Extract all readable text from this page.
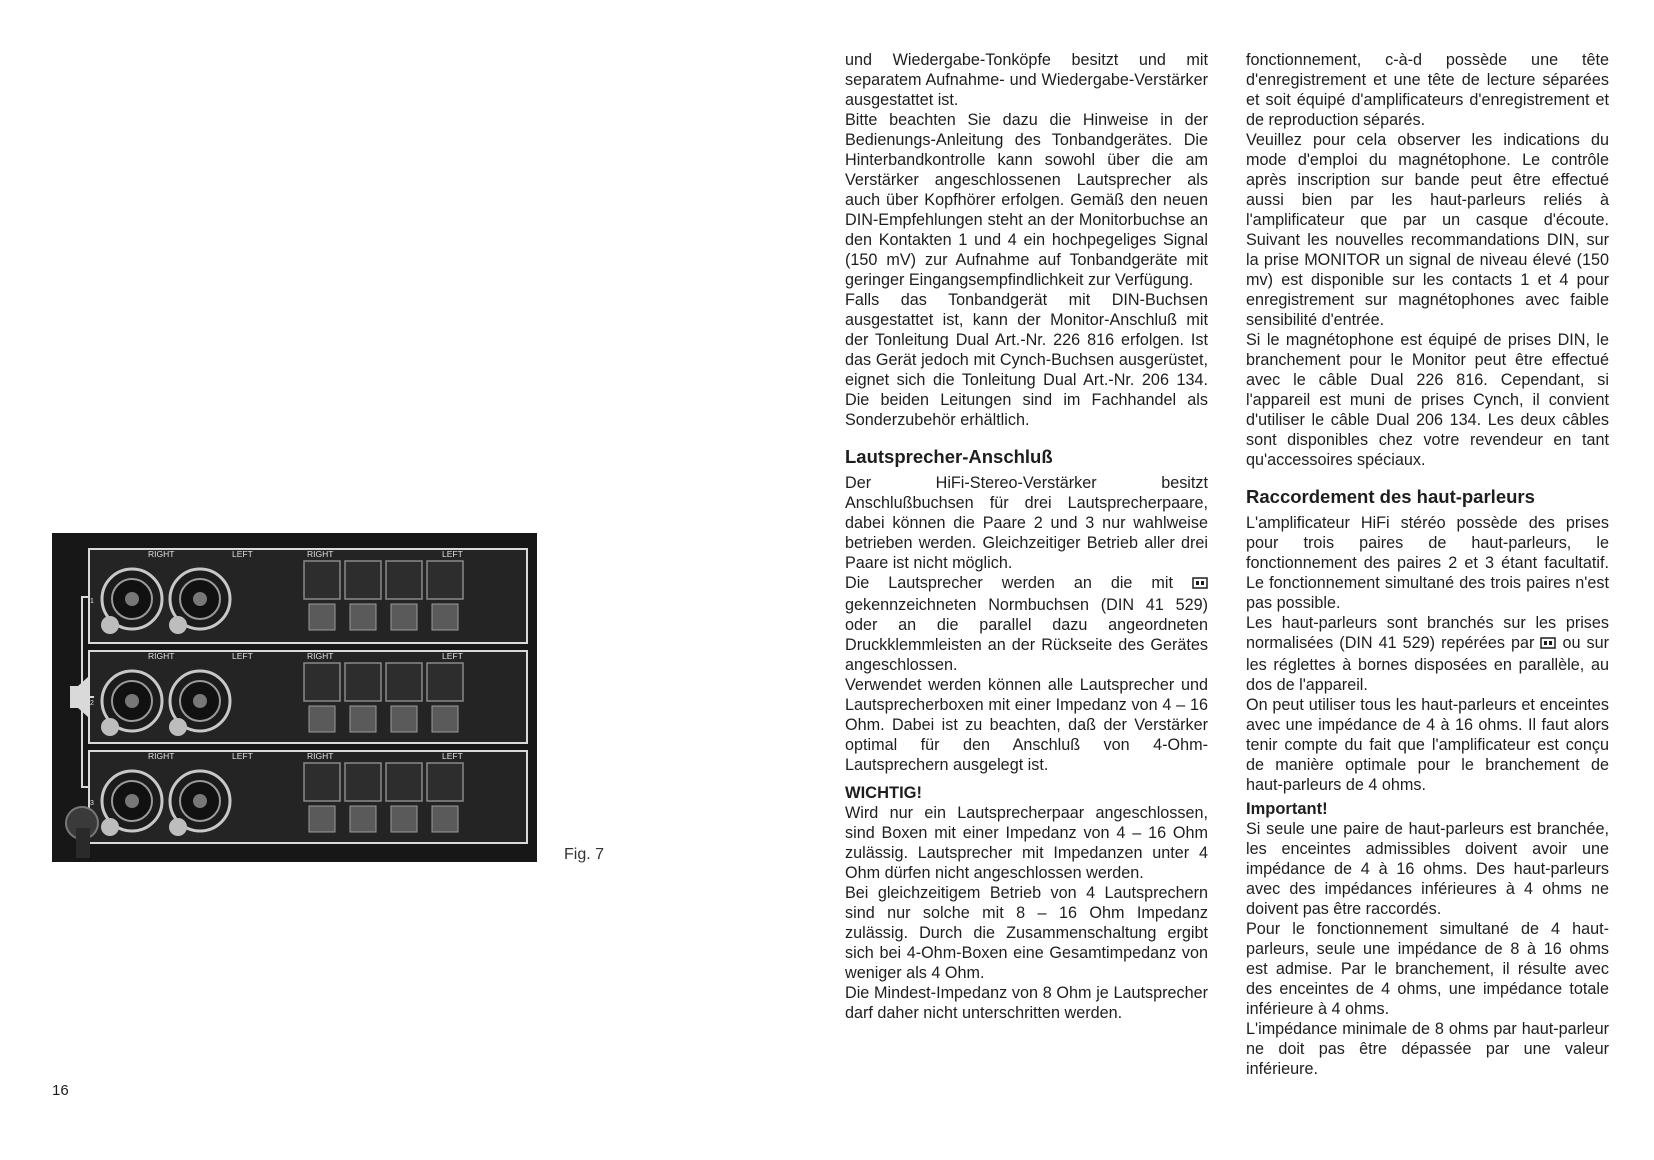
RIGHT	LEFT	RIGHT	LEFT
1
RIGHT	LEFT	RIGHT	LEFT
2
RIGHT	LEFT	RIGHT	LEFT
3
Fig. 7
16

und Wiedergabe-Tonköpfe besitzt und mit separatem Aufnahme- und Wiedergabe-Verstärker ausgestattet ist.

Bitte beachten Sie dazu die Hinweise in der Bedienungs-Anleitung des Tonbandgerätes. Die Hinterbandkontrolle kann sowohl über die am Verstärker angeschlossenen Lautsprecher als auch über Kopfhörer erfolgen. Gemäß den neuen DIN-Empfehlungen steht an der Monitorbuchse an den Kontakten 1 und 4 ein hochpegeliges Signal (150 mV) zur Aufnahme auf Tonbandgeräte mit geringer Eingangsempfindlichkeit zur Verfügung.

Falls das Tonbandgerät mit DIN-Buchsen ausgestattet ist, kann der Monitor-Anschluß mit der Tonleitung Dual Art.-Nr. 226 816 erfolgen. Ist das Gerät jedoch mit Cynch-Buchsen ausgerüstet, eignet sich die Tonleitung Dual Art.-Nr. 206 134. Die beiden Leitungen sind im Fachhandel als Sonderzubehör erhältlich.

Lautsprecher-Anschluß

Der HiFi-Stereo-Verstärker besitzt Anschlußbuchsen für drei Lautsprecherpaare, dabei können die Paare 2 und 3 nur wahlweise betrieben werden. Gleichzeitiger Betrieb aller drei Paare ist nicht möglich.

Die Lautsprecher werden an die mit  gekennzeichneten Normbuchsen (DIN 41 529) oder an die parallel dazu angeordneten Druckklemmleisten an der Rückseite des Gerätes angeschlossen.

Verwendet werden können alle Lautsprecher und Lautsprecherboxen mit einer Impedanz von 4 – 16 Ohm. Dabei ist zu beachten, daß der Verstärker optimal für den Anschluß von 4-Ohm-Lautsprechern ausgelegt ist.

WICHTIG!

Wird nur ein Lautsprecherpaar angeschlossen, sind Boxen mit einer Impedanz von 4 – 16 Ohm zulässig. Lautsprecher mit Impedanzen unter 4 Ohm dürfen nicht angeschlossen werden.

Bei gleichzeitigem Betrieb von 4 Lautsprechern sind nur solche mit 8 – 16 Ohm Impedanz zulässig. Durch die Zusammenschaltung ergibt sich bei 4-Ohm-Boxen eine Gesamtimpedanz von weniger als 4 Ohm.

Die Mindest-Impedanz von 8 Ohm je Lautsprecher darf daher nicht unterschritten werden.

fonctionnement, c-à-d possède une tête d'enregistrement et une tête de lecture séparées et soit équipé d'amplificateurs d'enregistrement et de reproduction séparés.

Veuillez pour cela observer les indications du mode d'emploi du magnétophone. Le contrôle après inscription sur bande peut être effectué aussi bien par les haut-parleurs reliés à l'amplificateur que par un casque d'écoute. Suivant les nouvelles recommandations DIN, sur la prise MONITOR un signal de niveau élevé (150 mv) est disponible sur les contacts 1 et 4 pour enregistrement sur magnétophones avec faible sensibilité d'entrée.

Si le magnétophone est équipé de prises DIN, le branchement pour le Monitor peut être effectué avec le câble Dual 226 816. Cependant, si l'appareil est muni de prises Cynch, il convient d'utiliser le câble Dual 206 134. Les deux câbles sont disponibles chez votre revendeur en tant qu'accessoires spéciaux.

Raccordement des haut-parleurs

L'amplificateur HiFi stéréo possède des prises pour trois paires de haut-parleurs, le fonctionnement des paires 2 et 3 étant facultatif. Le fonctionnement simultané des trois paires n'est pas possible.

Les haut-parleurs sont branchés sur les prises normalisées (DIN 41 529) repérées par ou sur les réglettes à bornes disposées en parallèle, au dos de l'appareil.

On peut utiliser tous les haut-parleurs et enceintes avec une impédance de 4 à 16 ohms. Il faut alors tenir compte du fait que l'amplificateur est conçu de manière optimale pour le branchement de haut-parleurs de 4 ohms.

Important!

Si seule une paire de haut-parleurs est branchée, les enceintes admissibles doivent avoir une impédance de 4 à 16 ohms. Des haut-parleurs avec des impédances inférieures à 4 ohms ne doivent pas être raccordés.

Pour le fonctionnement simultané de 4 haut-parleurs, seule une impédance de 8 à 16 ohms est admise. Par le branchement, il résulte avec des enceintes de 4 ohms, une impédance totale inférieure à 4 ohms.

L'impédance minimale de 8 ohms par haut-parleur ne doit pas être dépassée par une valeur inférieure.
